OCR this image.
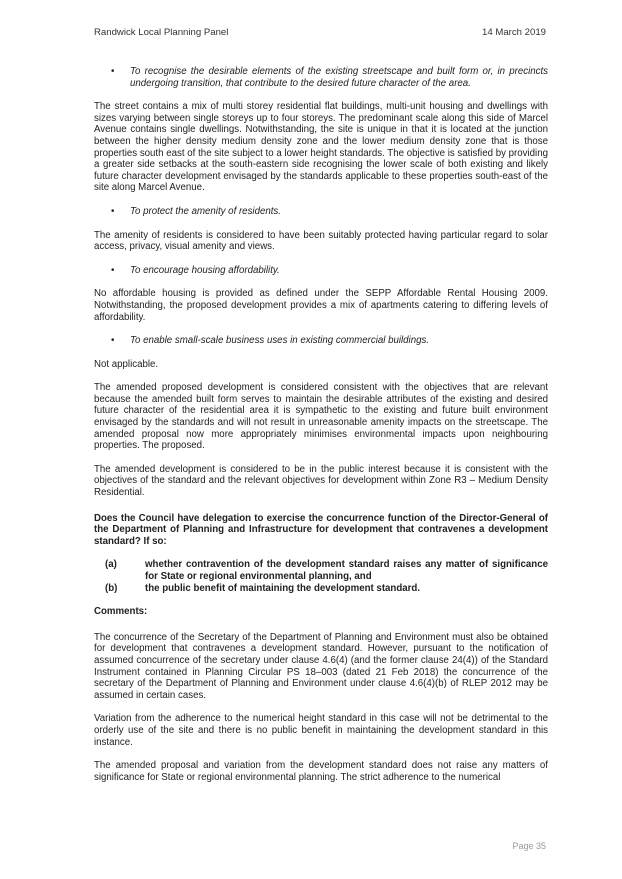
Randwick Local Planning Panel	14 March 2019
• To recognise the desirable elements of the existing streetscape and built form or, in precincts undergoing transition, that contribute to the desired future character of the area.

The street contains a mix of multi storey residential flat buildings, multi-unit housing and dwellings with sizes varying between single storeys up to four storeys. The predominant scale along this side of Marcel Avenue contains single dwellings. Notwithstanding, the site is unique in that it is located at the junction between the higher density medium density zone and the lower medium density zone that is those properties south east of the site subject to a lower height standards. The objective is satisfied by providing a greater side setbacks at the south-eastern side recognising the lower scale of both existing and likely future character development envisaged by the standards applicable to these properties south-east of the site along Marcel Avenue.

• To protect the amenity of residents.

The amenity of residents is considered to have been suitably protected having particular regard to solar access, privacy, visual amenity and views.

• To encourage housing affordability.

No affordable housing is provided as defined under the SEPP Affordable Rental Housing 2009. Notwithstanding, the proposed development provides a mix of apartments catering to differing levels of affordability.

• To enable small-scale business uses in existing commercial buildings.

Not applicable.

The amended proposed development is considered consistent with the objectives that are relevant because the amended built form serves to maintain the desirable attributes of the existing and desired future character of the residential area it is sympathetic to the existing and future built environment envisaged by the standards and will not result in unreasonable amenity impacts on the streetscape. The amended proposal now more appropriately minimises environmental impacts upon neighbouring properties. The proposed.

The amended development is considered to be in the public interest because it is consistent with the objectives of the standard and the relevant objectives for development within Zone R3 – Medium Density Residential.

Does the Council have delegation to exercise the concurrence function of the Director-General of the Department of Planning and Infrastructure for development that contravenes a development standard? If so:

(a)	whether contravention of the development standard raises any matter of significance for State or regional environmental planning, and
(b)	the public benefit of maintaining the development standard.

Comments:

The concurrence of the Secretary of the Department of Planning and Environment must also be obtained for development that contravenes a development standard. However, pursuant to the notification of assumed concurrence of the secretary under clause 4.6(4) (and the former clause 24(4)) of the Standard Instrument contained in Planning Circular PS 18–003 (dated 21 Feb 2018) the concurrence of the secretary of the Department of Planning and Environment under clause 4.6(4)(b) of RLEP 2012 may be assumed in certain cases.

Variation from the adherence to the numerical height standard in this case will not be detrimental to the orderly use of the site and there is no public benefit in maintaining the development standard in this instance.

The amended proposal and variation from the development standard does not raise any matters of significance for State or regional environmental planning. The strict adherence to the numerical

Page 35
